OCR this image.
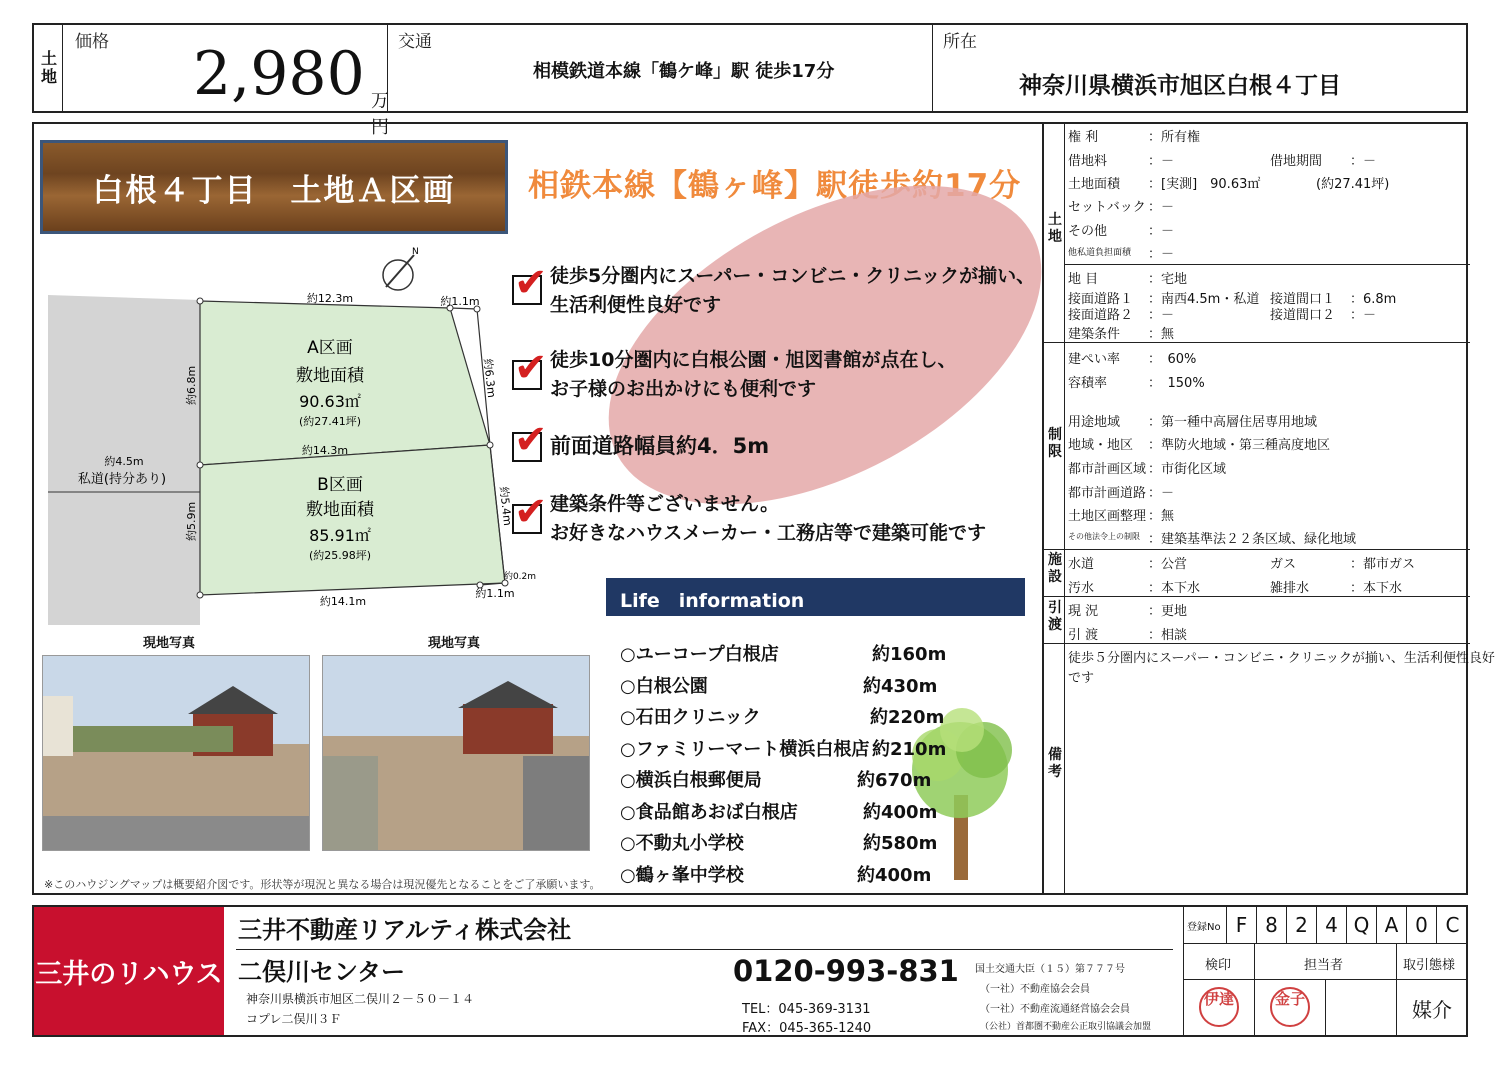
土地
価格 2,980 万円
交通
相模鉄道本線「鶴ケ峰」駅 徒歩17分
所在
神奈川県横浜市旭区白根４丁目
白根４丁目　土地Ａ区画 相鉄本線【鶴ヶ峰】駅徒歩約17分
✔ 徒歩5分圏内にスーパー・コンビニ・クリニックが揃い、
生活利便性良好です
✔ 徒歩10分圏内に白根公園・旭図書館が点在し、
お子様のお出かけにも便利です
✔ 前面道路幅員約4．5m
✔ 建築条件等ございません。
お好きなハウスメーカー・工務店等で建築可能です
N
A区画
敷地面積
90.63㎡
(約27.41坪)
B区画
敷地面積
85.91㎡
(約25.98坪)
約4.5m
私道(持分あり)
約12.3m	約1.1m
約14.3m
約14.1m
約1.1m
約0.2m
約6.8m
約5.9m
約6.3m
約5.4m
現地写真	現地写真
※このハウジングマップは概要紹介図です。形状等が現況と異なる場合は現況優先となることをご了承願います。
Life　information
○ユーコープ白根店	約160m
○白根公園	約430m
○石田クリニック	約220m
○ファミリーマート横浜白根店 約210m
○横浜白根郵便局	約670m
○食品館あおば白根店	約400m
○不動丸小学校	約580m
○鶴ヶ峯中学校	約400m
土地
権 利	：所有権
借地料	：－	借地期間 ：－
土地面積 ：[実測]　90.63㎡	(約27.41坪)
セットバック ：－
その他	：－
他私道負担面積 ：－
地 目	：宅地
接面道路１ ：南西4.5m・私道 接道間口１ ：6.8m
接面道路２ ：－	接道間口２ ：－
建築条件 ：無
制限
建ぺい率 ：　60%
容積率	：　150%
用途地域 ：第一種中高層住居専用地域
地域・地区 ：準防火地域・第三種高度地区
都市計画区域 ：市街化区域
都市計画道路 ：－
土地区画整理 ：無
その他法令上の制限 ：建築基準法２２条区域、緑化地域
施設
水道	：公営	ガス	：都市ガス
汚水	：本下水	雑排水	：本下水
引渡
現 況	：更地
引 渡	：相談
備考
徒歩５分圏内にスーパー・コンビニ・クリニックが揃い、生活利便性良好
です
三井のリハウス
三井不動産リアルティ株式会社
二俣川センター
神奈川県横浜市旭区二俣川２－５０－１４
コプレ二俣川３Ｆ
0120-993-831
TEL：045-369-3131
FAX：045-365-1240
国土交通大臣（１５）第７７７号
（一社）不動産協会会員
（一社）不動産流通経営協会会員
（公社）首都圏不動産公正取引協議会加盟
登録No F 8 2 4 Q A 0 C
検印	担当者	取引態様
伊達	金子	媒介
